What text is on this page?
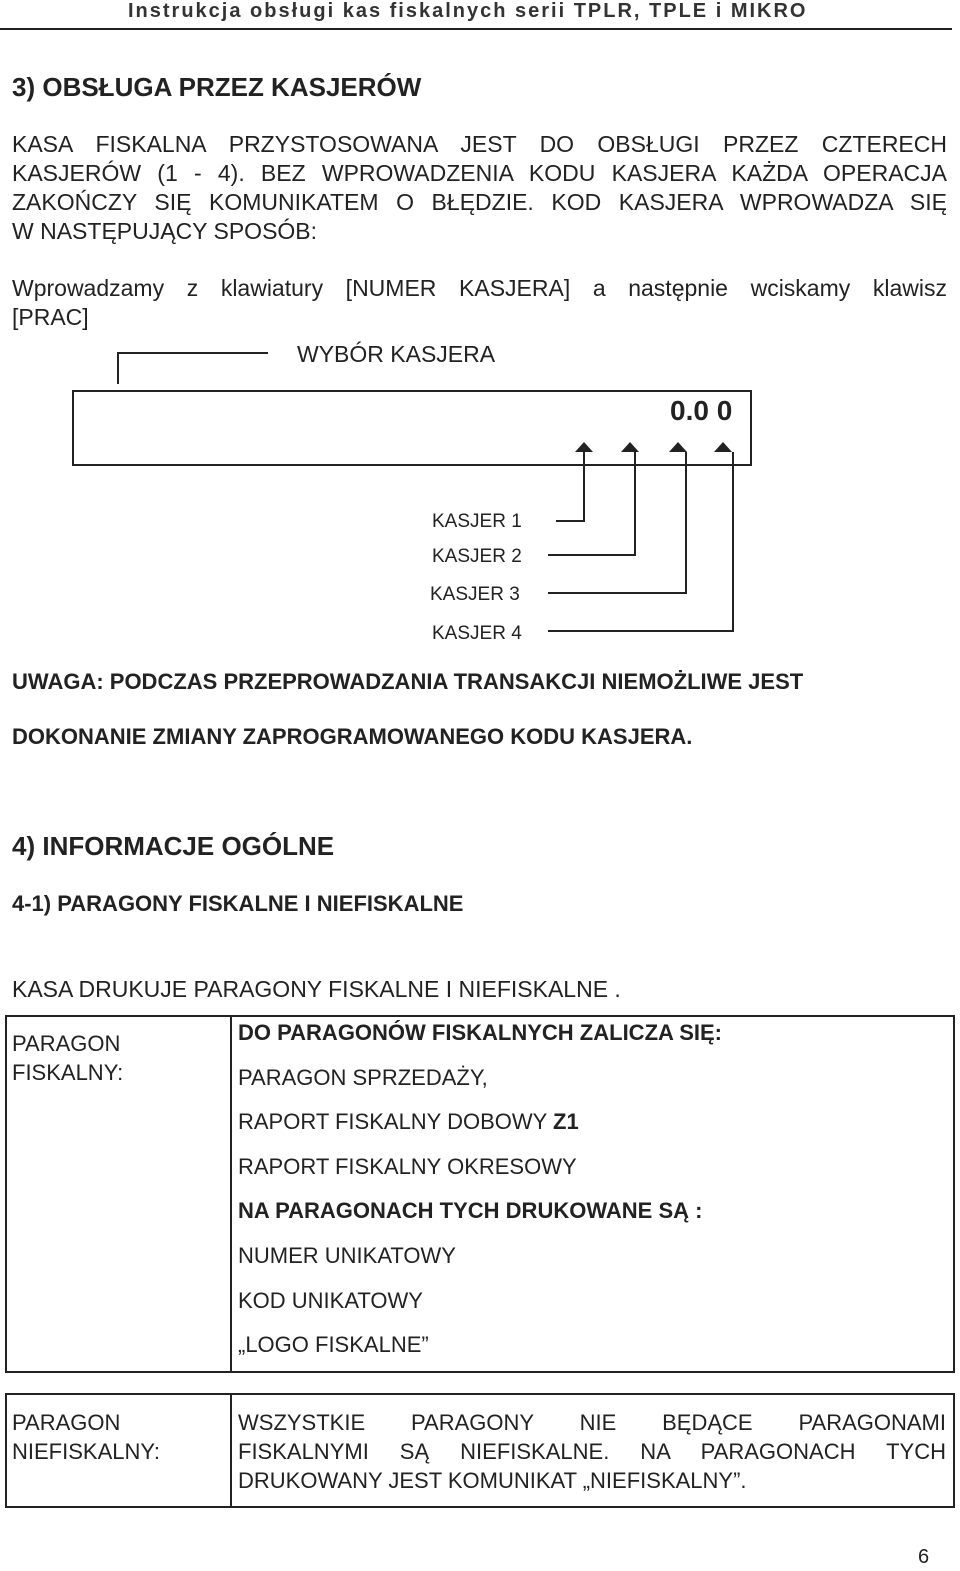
Instrukcja obsługi kas fiskalnych serii TPLR, TPLE i MIKRO
3) OBSŁUGA PRZEZ KASJERÓW
KASA FISKALNA PRZYSTOSOWANA JEST DO OBSŁUGI PRZEZ CZTERECH
KASJERÓW (1 - 4). BEZ WPROWADZENIA KODU KASJERA KAŻDA OPERACJA
ZAKOŃCZY SIĘ KOMUNIKATEM O BŁĘDZIE. KOD KASJERA WPROWADZA SIĘ
W NASTĘPUJĄCY SPOSÓB:
Wprowadzamy z klawiatury [NUMER KASJERA] a następnie wciskamy klawisz
[PRAC]
WYBÓR KASJERA
0.0 0
KASJER 1
KASJER 2
KASJER 3
KASJER 4
UWAGA: PODCZAS PRZEPROWADZANIA TRANSAKCJI NIEMOŻLIWE JEST
DOKONANIE ZMIANY ZAPROGRAMOWANEGO KODU KASJERA.
4) INFORMACJE OGÓLNE
4-1) PARAGONY FISKALNE I NIEFISKALNE
KASA DRUKUJE PARAGONY FISKALNE I NIEFISKALNE .
PARAGON
FISKALNY:
DO PARAGONÓW FISKALNYCH ZALICZA SIĘ:
PARAGON SPRZEDAŻY,
RAPORT FISKALNY DOBOWY Z1
RAPORT FISKALNY OKRESOWY
NA PARAGONACH TYCH DRUKOWANE SĄ :
NUMER UNIKATOWY
KOD UNIKATOWY
„LOGO FISKALNE”
PARAGON
NIEFISKALNY:
WSZYSTKIE PARAGONY NIE BĘDĄCE PARAGONAMI
FISKALNYMI SĄ NIEFISKALNE. NA PARAGONACH TYCH
DRUKOWANY JEST KOMUNIKAT „NIEFISKALNY”.
6
